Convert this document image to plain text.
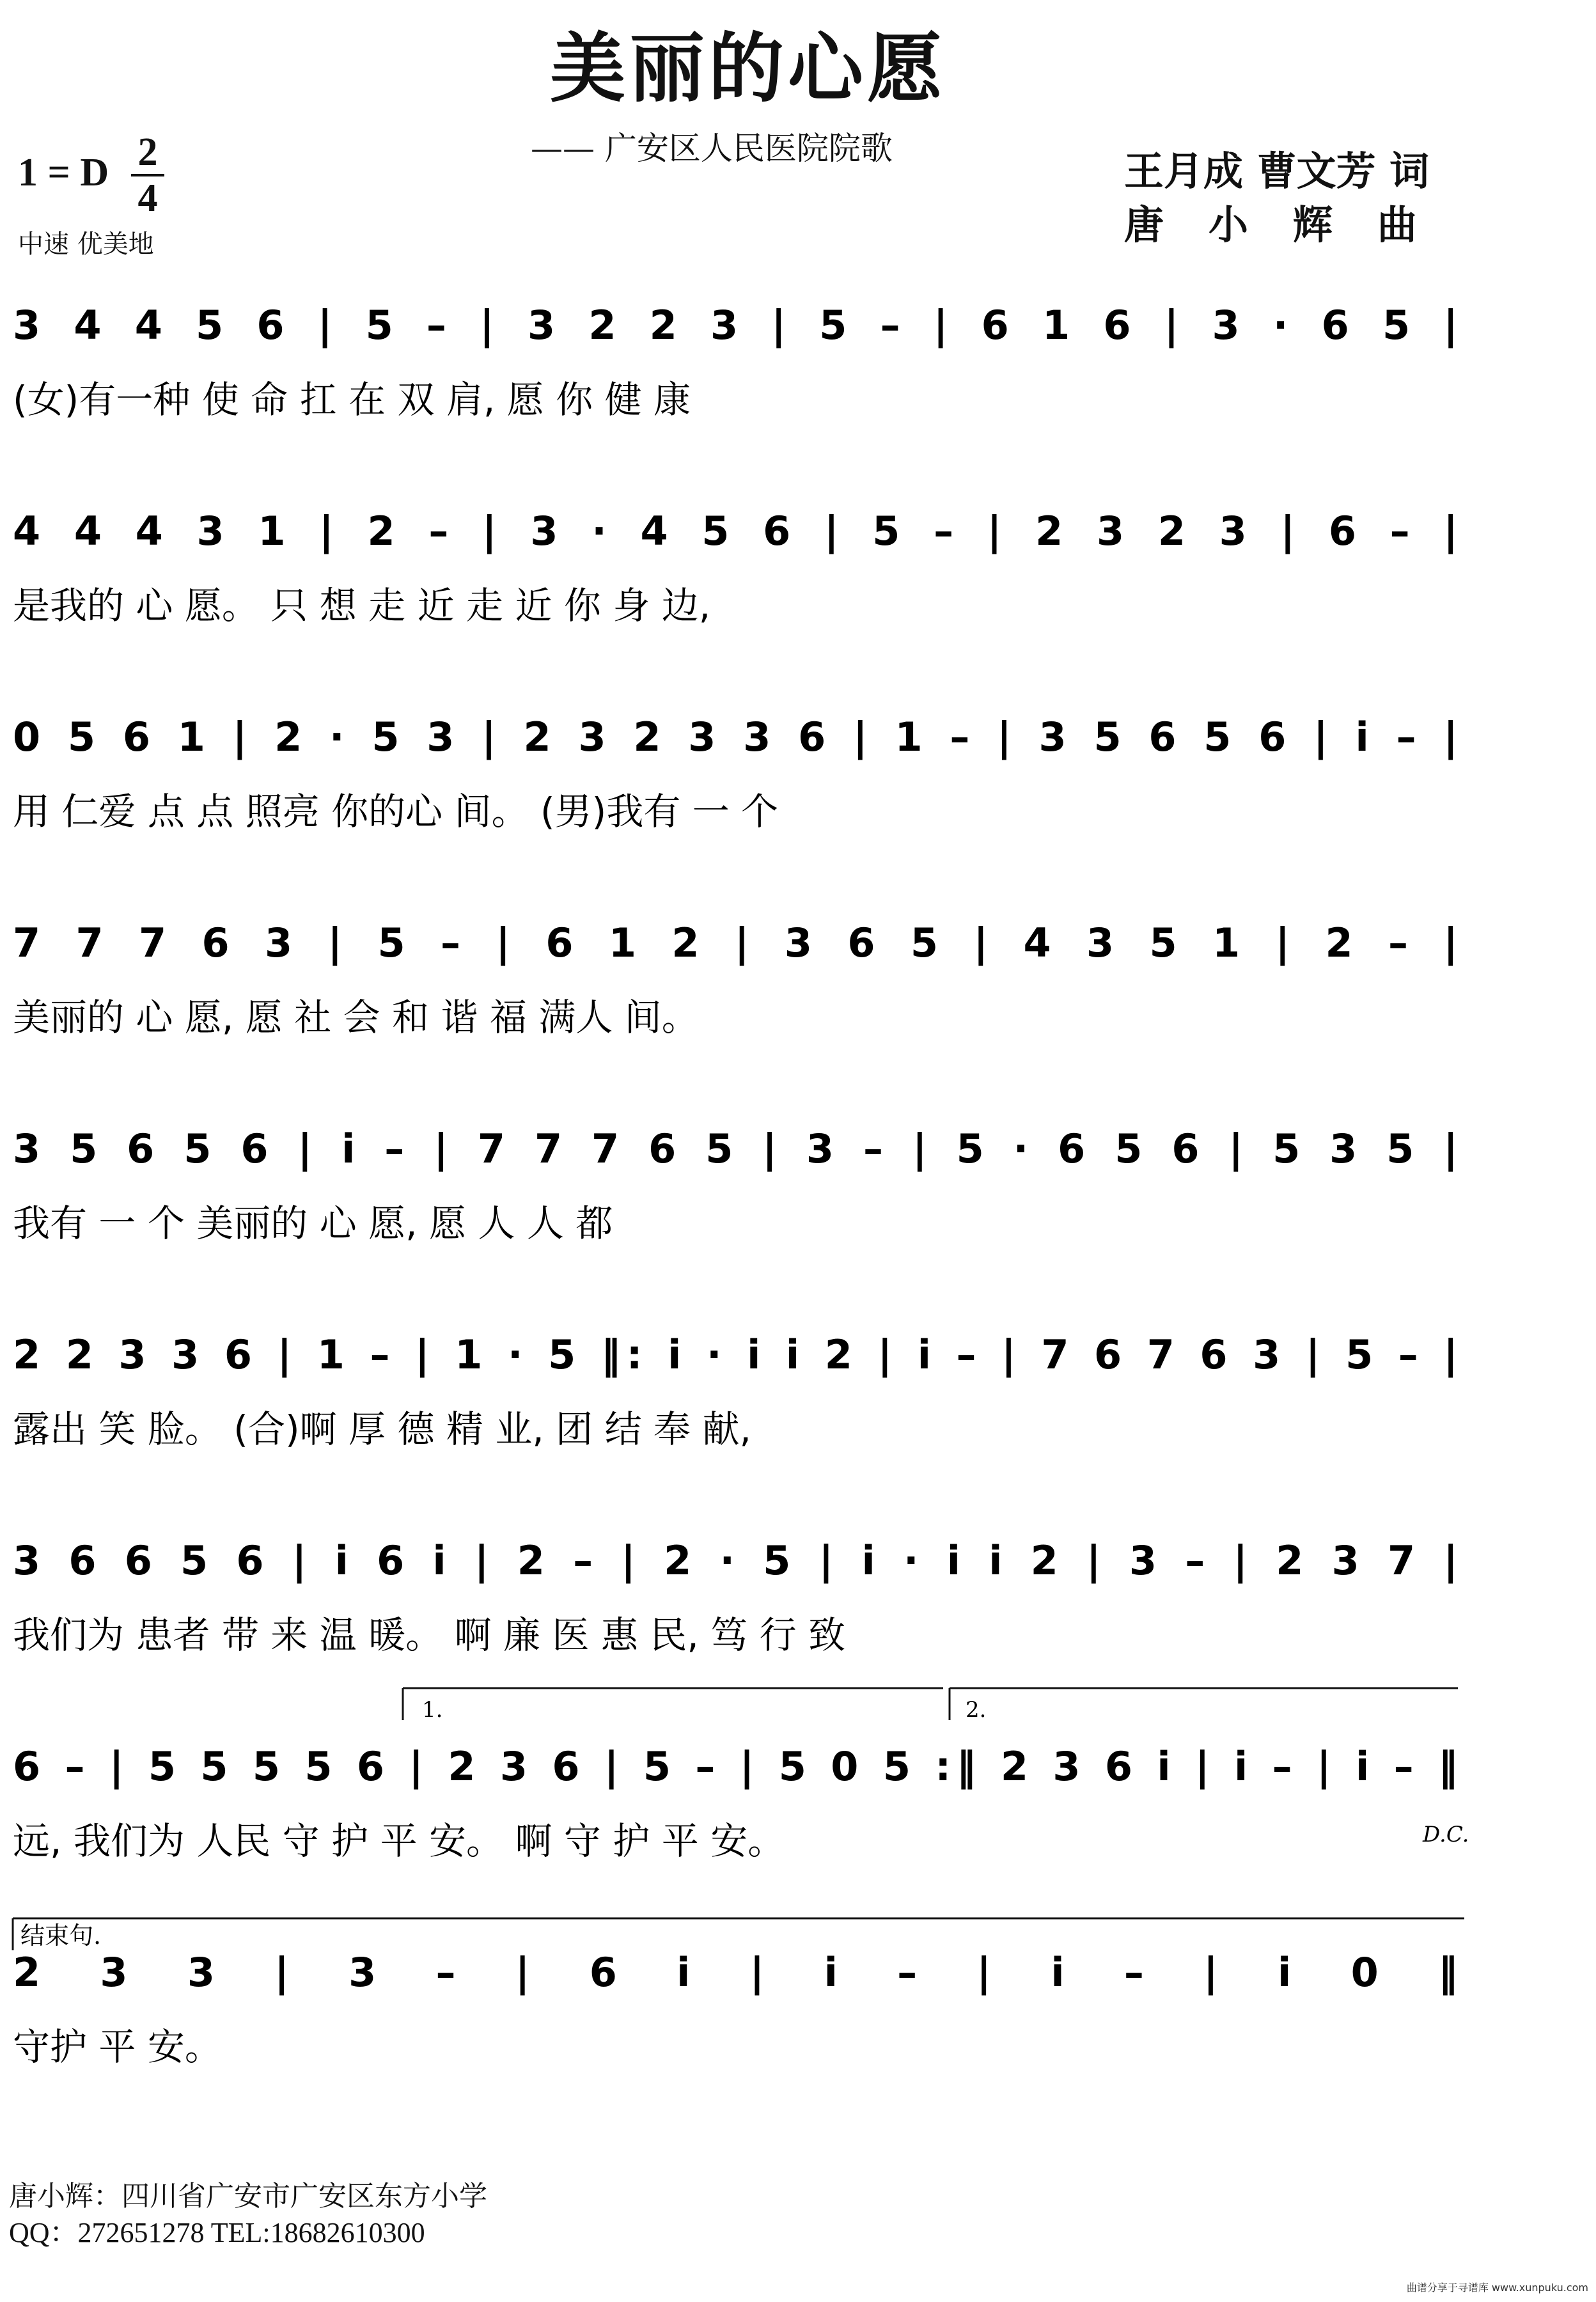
美丽的心愿
—— 广安区人民医院院歌
1 = D 2
4
中速 优美地
王月成 曹文芳 词
唐小辉曲
3 4 4 5 6 | 5 – | 3 2 2 3 | 5 – | 6 1 6 | 3 · 6 5 |
(女)有一种 使 命 扛 在 双 肩, 愿 你 健 康
4 4 4 3 1 | 2 – | 3 · 4 5 6 | 5 – | 2 3 2 3 | 6 – |
是我的 心 愿。 只 想 走 近 走 近 你 身 边,
0 5 6 1 | 2 · 5 3 | 2 3 2 3 3 6 | 1 – | 3 5 6 5 6 | i – |
用 仁爱 点 点 照亮 你的心 间。 (男)我有 一 个
7 7 7 6 3 | 5 – | 6 1 2 | 3 6 5 | 4 3 5 1 | 2 – |
美丽的 心 愿, 愿 社 会 和 谐 福 满人 间。
3 5 6 5 6 | i – | 7 7 7 6 5 | 3 – | 5 · 6 5 6 | 5 3 5 |
我有 一 个 美丽的 心 愿, 愿 人 人 都
2 2 3 3 6 | 1 – | 1 · 5 ‖: i · i i 2 | i – | 7 6 7 6 3 | 5 – |
露出 笑 脸。 (合)啊 厚 德 精 业, 团 结 奉 献,
3 6 6 5 6 | i 6 i | 2 – | 2 · 5 | i · i i 2 | 3 – | 2 3 7 |
我们为 患者 带 来 温 暖。 啊 廉 医 惠 民, 笃 行 致
6 – | 5 5 5 5 6 | 2 3 6 | 5 – | 5 0 5 :‖ 2 3 6 i | i – | i – ‖
远, 我们为 人民 守 护 平 安。 啊 守 护 平 安。
2 3 3 | 3 – | 6 i | i – | i – | i 0 ‖
守护 平 安。
1.	2.
D.C.
结束句.
唐小辉：四川省广安市广安区东方小学
QQ：272651278 TEL:18682610300
曲谱分享于寻谱库 www.xunpuku.com
